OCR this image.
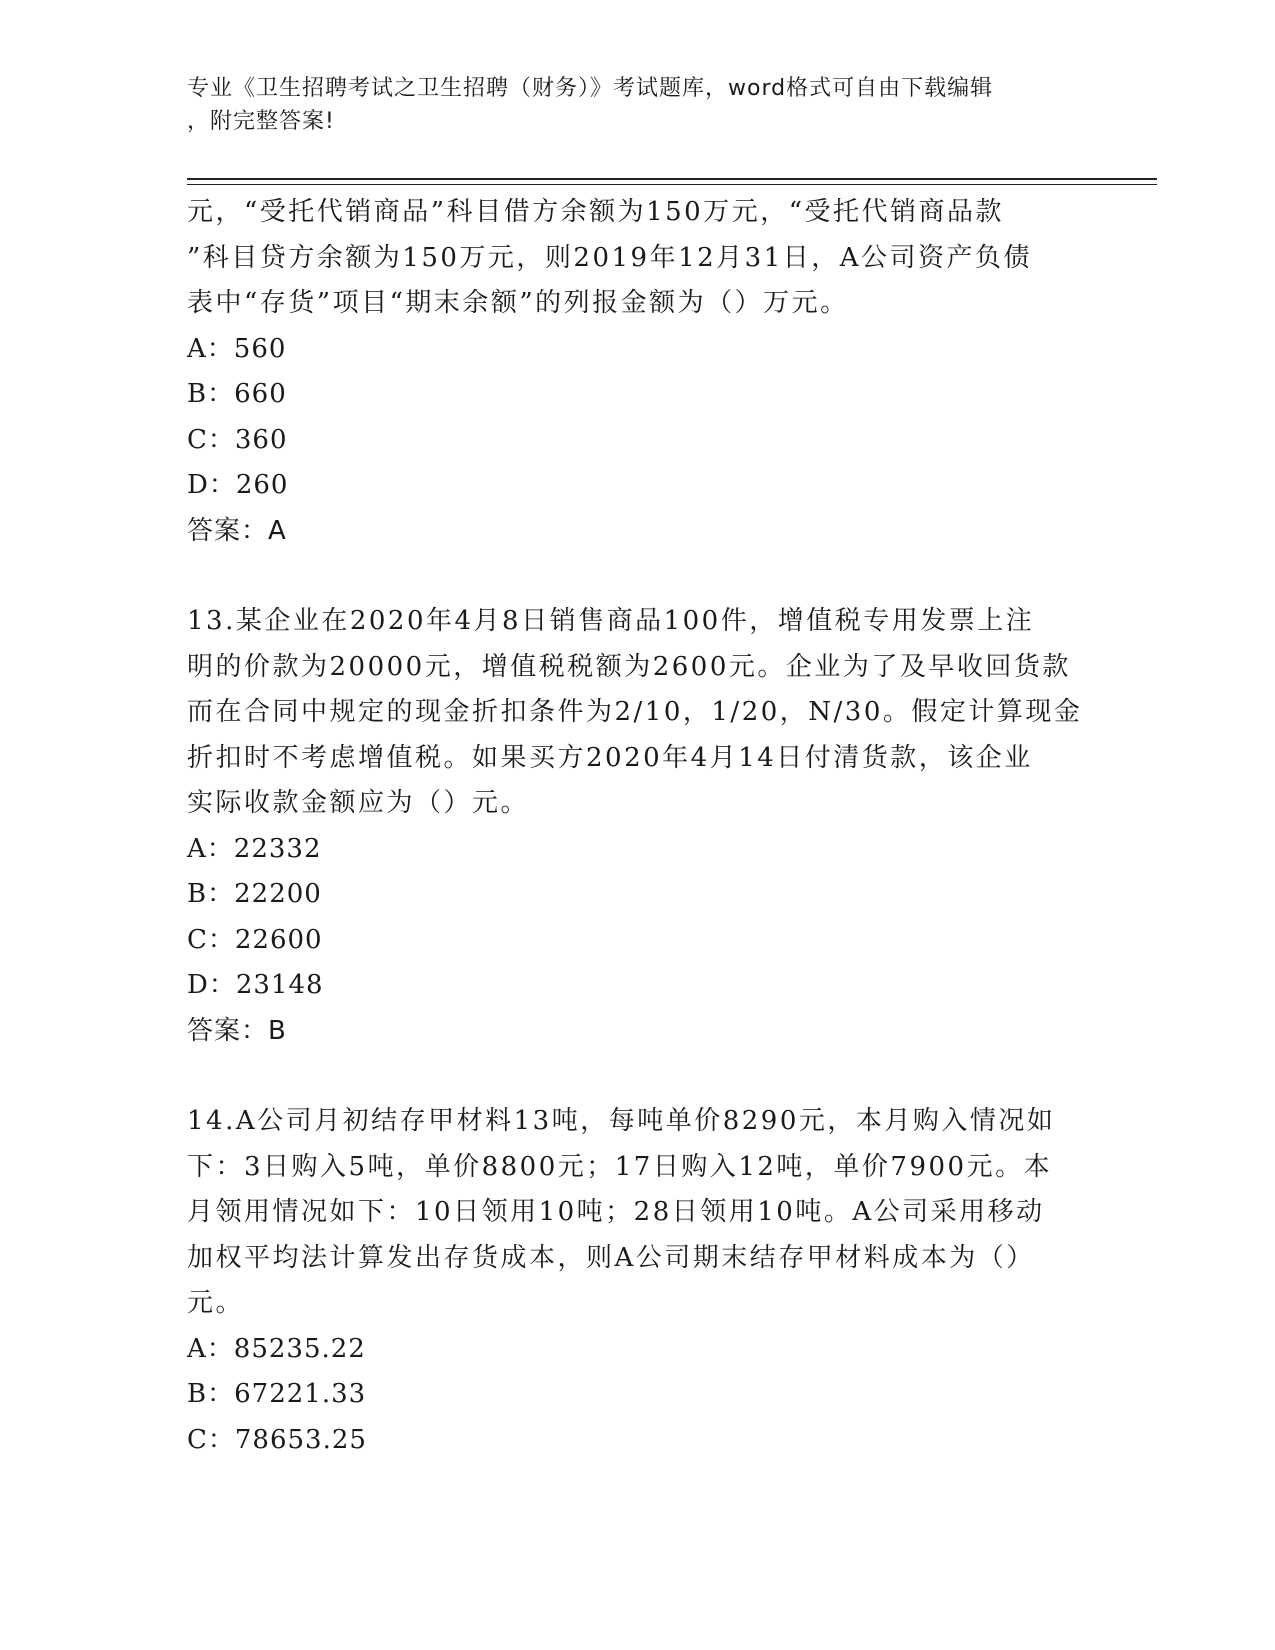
专业《卫生招聘考试之卫生招聘（财务）》考试题库，word格式可自由下载编辑
，附完整答案!

元，“受托代销商品”科目借方余额为150万元，“受托代销商品款

”科目贷方余额为150万元，则2019年12月31日，A公司资产负债

表中“存货”项目“期末余额”的列报金额为（）万元。

A：560

B：660

C：360

D：260

答案：A

13.某企业在2020年4月8日销售商品100件，增值税专用发票上注

明的价款为20000元，增值税税额为2600元。企业为了及早收回货款

而在合同中规定的现金折扣条件为2/10，1/20，N/30。假定计算现金

折扣时不考虑增值税。如果买方2020年4月14日付清货款，该企业

实际收款金额应为（）元。

A：22332

B：22200

C：22600

D：23148

答案：B

14.A公司月初结存甲材料13吨，每吨单价8290元，本月购入情况如

下：3日购入5吨，单价8800元；17日购入12吨，单价7900元。本

月领用情况如下：10日领用10吨；28日领用10吨。A公司采用移动

加权平均法计算发出存货成本，则A公司期末结存甲材料成本为（）

元。

A：85235.22

B：67221.33

C：78653.25
